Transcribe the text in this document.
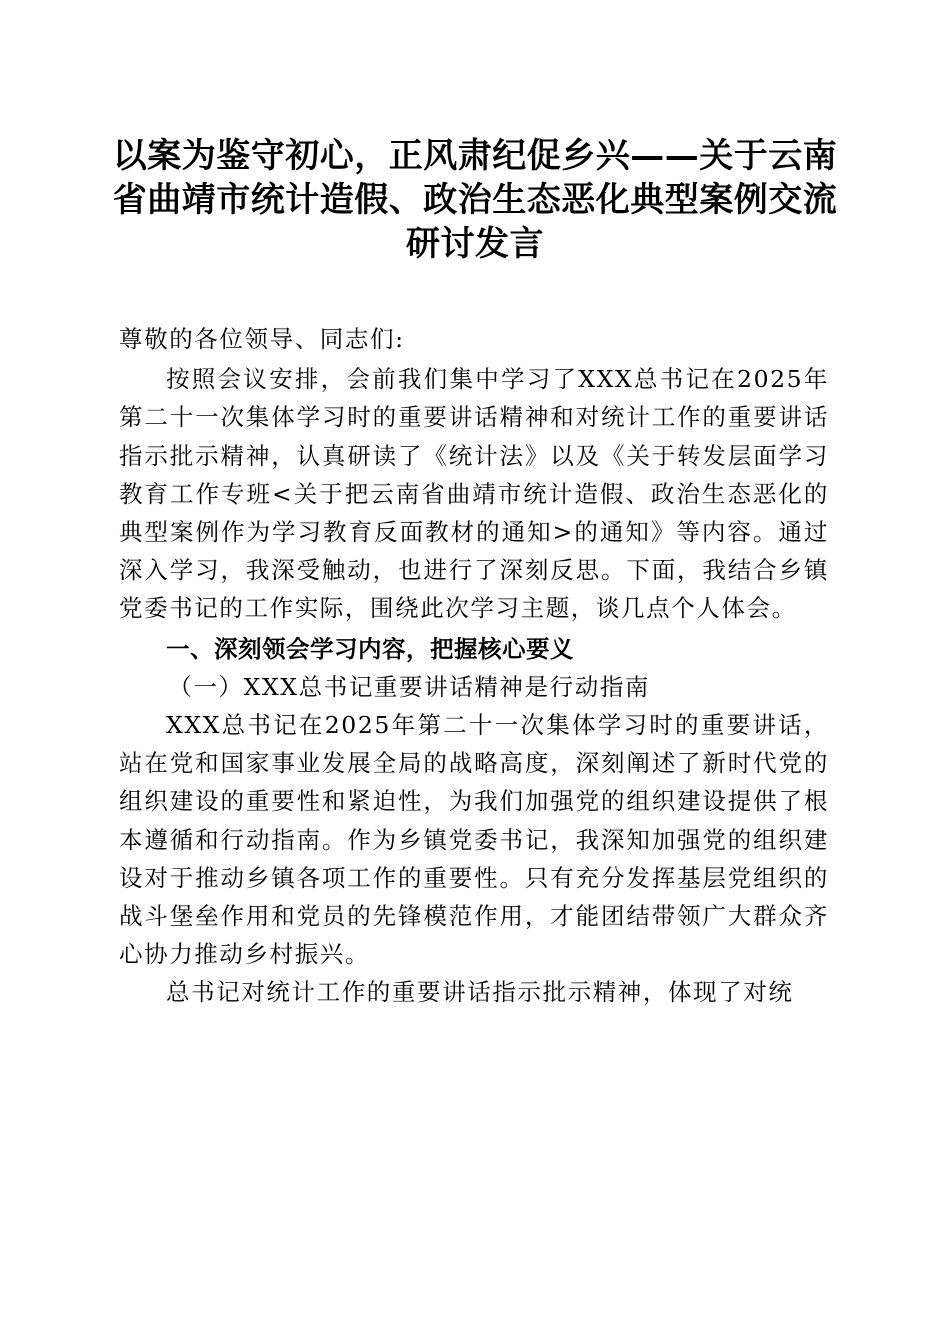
以案为鉴守初心，正风肃纪促乡兴——关于云南省曲靖市统计造假、政治生态恶化典型案例交流研讨发言

尊敬的各位领导、同志们:

按照会议安排，会前我们集中学习了XXX总书记在2025年第二十一次集体学习时的重要讲话精神和对统计工作的重要讲话指示批示精神，认真研读了《统计法》以及《关于转发层面学习教育工作专班<关于把云南省曲靖市统计造假、政治生态恶化的典型案例作为学习教育反面教材的通知>的通知》等内容。通过深入学习，我深受触动，也进行了深刻反思。下面，我结合乡镇党委书记的工作实际，围绕此次学习主题，谈几点个人体会。

一、深刻领会学习内容，把握核心要义

（一）XXX总书记重要讲话精神是行动指南

XXX总书记在2025年第二十一次集体学习时的重要讲话，站在党和国家事业发展全局的战略高度，深刻阐述了新时代党的组织建设的重要性和紧迫性，为我们加强党的组织建设提供了根本遵循和行动指南。作为乡镇党委书记，我深知加强党的组织建设对于推动乡镇各项工作的重要性。只有充分发挥基层党组织的战斗堡垒作用和党员的先锋模范作用，才能团结带领广大群众齐心协力推动乡村振兴。

总书记对统计工作的重要讲话指示批示精神，体现了对统
